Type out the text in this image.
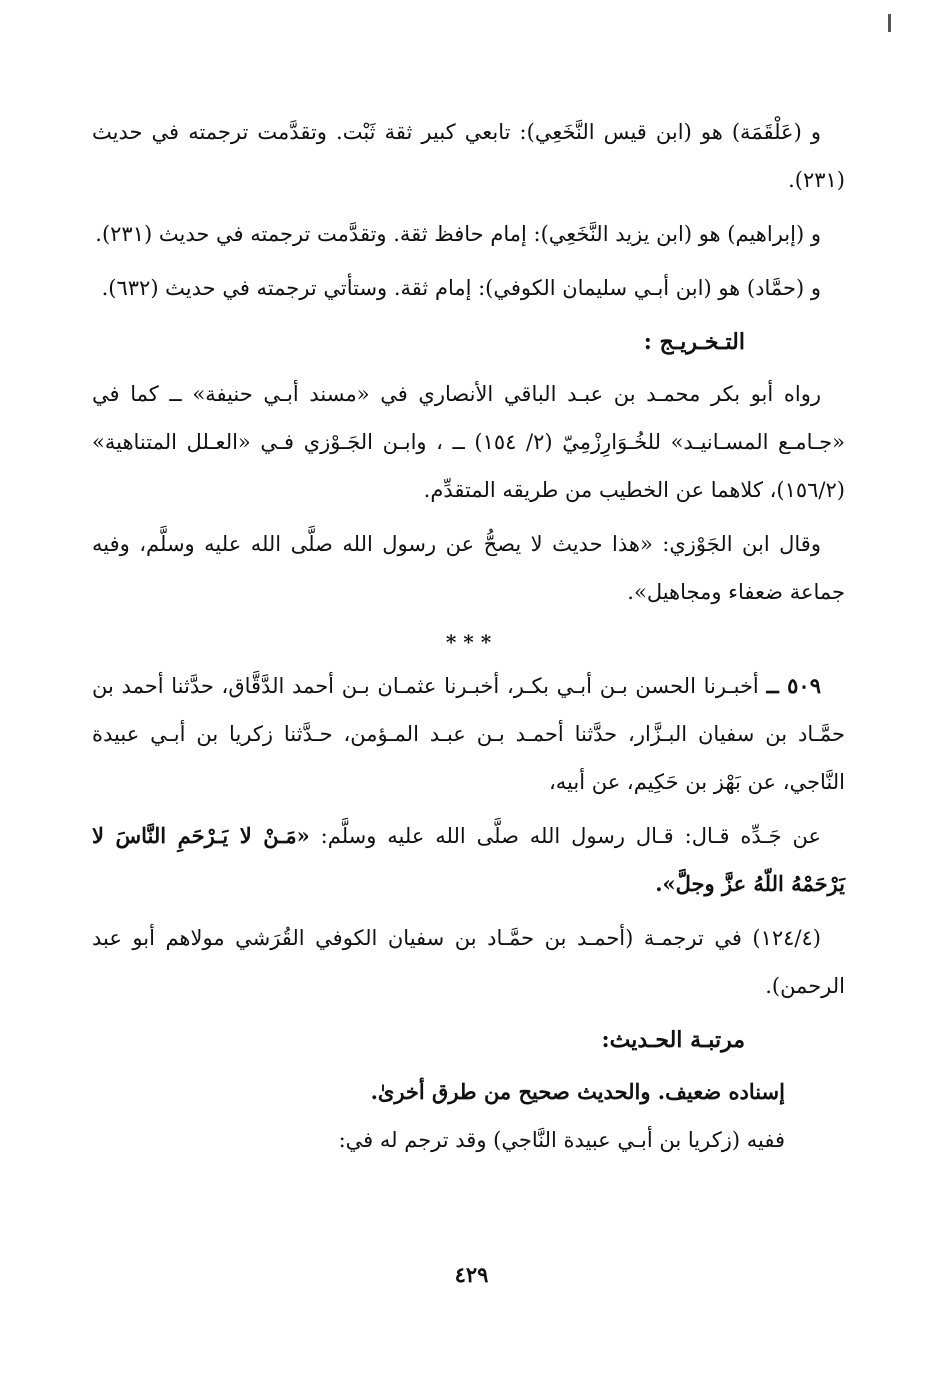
و (عَلْقَمَة) هو (ابن قيس النَّخَعِي): تابعي كبير ثقة ثَبْت. وتقدَّمت ترجمته في حديث (٢٣١).

و (إبراهيم) هو (ابن يزيد النَّخَعِي): إمام حافظ ثقة. وتقدَّمت ترجمته في حديث (٢٣١).

و (حمَّاد) هو (ابن أبـي سليمان الكوفي): إمام ثقة. وستأتي ترجمته في حديث (٦٣٢).

التـخـريـج :

رواه أبو بكر محمـد بن عبـد الباقي الأنصاري في «مسند أبـي حنيفة» ــ كما في «جـامـع المسـانيـد» للخُـوَارِزْمِيّ (٢/ ١٥٤) ــ ، وابـن الجَـوْزي فـي «العـلل المتناهية» (١٥٦/٢)، كلاهما عن الخطيب من طريقه المتقدِّم.

وقال ابن الجَوْزي: «هذا حديث لا يصحُّ عن رسول الله صلَّى الله عليه وسلَّم، وفيه جماعة ضعفاء ومجاهيل».

* * *

٥٠٩ ــ أخبـرنا الحسن بـن أبـي بكـر، أخبـرنا عثمـان بـن أحمد الدَّقَّاق، حدَّثنا أحمد بن حمَّـاد بن سفيان البـزَّار، حدَّثنا أحمـد بـن عبـد المـؤمن، حـدَّثنا زكريا بن أبـي عبيدة النَّاجي، عن بَهْز بن حَكِيم، عن أبيه،

عن جَـدِّه قـال: قـال رسول الله صلَّى الله عليه وسلَّم: «مَـنْ لا يَـرْحَمِ النَّاسَ لا يَرْحَمْهُ اللّهُ عزَّ وجلَّ».

(١٢٤/٤) في ترجمـة (أحمـد بن حمَّـاد بن سفيان الكوفي القُرَشي مولاهم أبو عبد الرحمن).

مرتبـة الحـديث:

إسناده ضعيف. والحديث صحيح من طرق أخرىٰ.

ففيه (زكريا بن أبـي عبيدة النَّاجي) وقد ترجم له في:

٤٢٩
